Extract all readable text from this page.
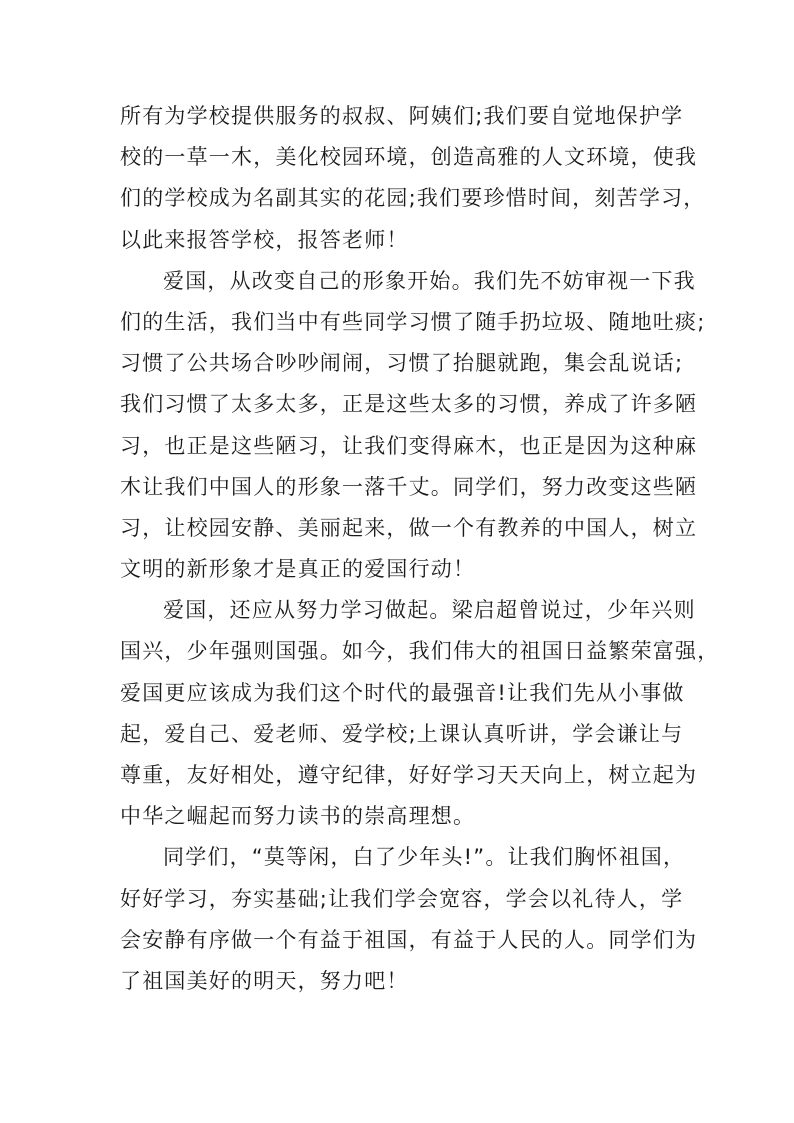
所有为学校提供服务的叔叔、阿姨们;我们要自觉地保护学
校的一草一木，美化校园环境，创造高雅的人文环境，使我
们的学校成为名副其实的花园;我们要珍惜时间，刻苦学习，
以此来报答学校，报答老师！
爱国，从改变自己的形象开始。我们先不妨审视一下我
们的生活，我们当中有些同学习惯了随手扔垃圾、随地吐痰;
习惯了公共场合吵吵闹闹，习惯了抬腿就跑，集会乱说话;
我们习惯了太多太多，正是这些太多的习惯，养成了许多陋
习，也正是这些陋习，让我们变得麻木，也正是因为这种麻
木让我们中国人的形象一落千丈。同学们，努力改变这些陋
习，让校园安静、美丽起来，做一个有教养的中国人，树立
文明的新形象才是真正的爱国行动！
爱国，还应从努力学习做起。梁启超曾说过，少年兴则
国兴，少年强则国强。如今，我们伟大的祖国日益繁荣富强，
爱国更应该成为我们这个时代的最强音!让我们先从小事做
起，爱自己、爱老师、爱学校;上课认真听讲，学会谦让与
尊重，友好相处，遵守纪律，好好学习天天向上，树立起为
中华之崛起而努力读书的崇高理想。
同学们，“莫等闲，白了少年头!”。让我们胸怀祖国，
好好学习，夯实基础;让我们学会宽容，学会以礼待人，学
会安静有序做一个有益于祖国，有益于人民的人。同学们为
了祖国美好的明天，努力吧！
